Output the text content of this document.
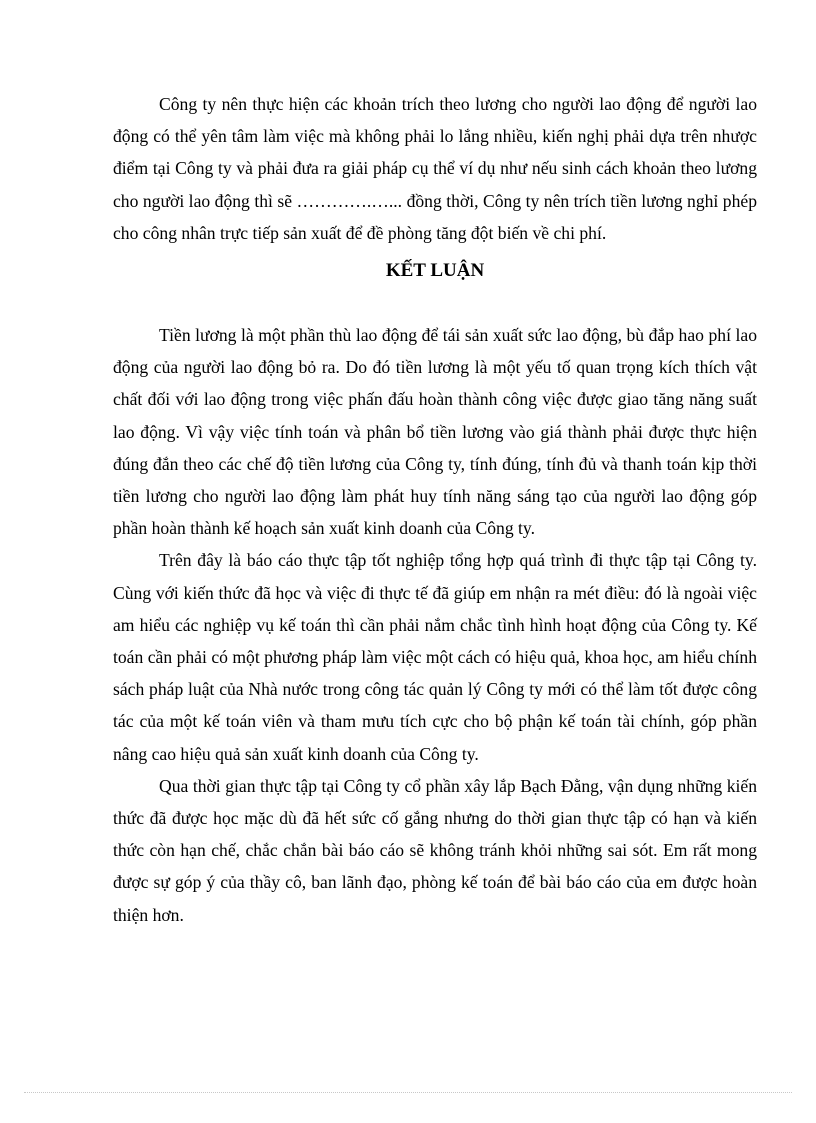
Công ty nên thực hiện các khoản trích theo lương cho người lao động để người lao động có thể yên tâm làm việc mà không phải lo lắng nhiều, kiến nghị phải dựa trên nhược điểm tại Công ty và phải đưa ra giải pháp cụ thể ví dụ như nếu sinh cách khoản theo lương cho người lao động thì sẽ ………….…... đồng thời, Công ty nên trích tiền lương nghỉ phép cho công nhân trực tiếp sản xuất để đề phòng tăng đột biến về chi phí.

KẾT LUẬN

Tiền lương là một phần thù lao động để tái sản xuất sức lao động, bù đắp hao phí lao động của người lao động bỏ ra. Do đó tiền lương là một yếu tố quan trọng kích thích vật chất đối với lao động trong việc phấn đấu hoàn thành công việc được giao tăng năng suất lao động. Vì vậy việc tính toán và phân bổ tiền lương vào giá thành phải được thực hiện đúng đắn theo các chế độ tiền lương của Công ty, tính đúng, tính đủ và thanh toán kịp thời tiền lương cho người lao động làm phát huy tính năng sáng tạo của người lao động góp phần hoàn thành kế hoạch sản xuất kinh doanh của Công ty.

Trên đây là báo cáo thực tập tốt nghiệp tổng hợp quá trình đi thực tập tại Công ty. Cùng với kiến thức đã học và việc đi thực tế đã giúp em nhận ra mét điều: đó là ngoài việc am hiểu các nghiệp vụ kế toán thì cần phải nắm chắc tình hình hoạt động của Công ty. Kế toán cần phải có một phương pháp làm việc một cách có hiệu quả, khoa học, am hiểu chính sách pháp luật của Nhà nước trong công tác quản lý Công ty mới có thể làm tốt được công tác của một kế toán viên và tham mưu tích cực cho bộ phận kế toán tài chính, góp phần nâng cao hiệu quả sản xuất kinh doanh của Công ty.

Qua thời gian thực tập tại Công ty cổ phần xây lắp Bạch Đằng, vận dụng những kiến thức đã được học mặc dù đã hết sức cố gắng nhưng do thời gian thực tập có hạn và kiến thức còn hạn chế, chắc chắn bài báo cáo sẽ không tránh khỏi những sai sót. Em rất mong được sự góp ý của thầy cô, ban lãnh đạo, phòng kế toán để bài báo cáo của em được hoàn thiện hơn.
